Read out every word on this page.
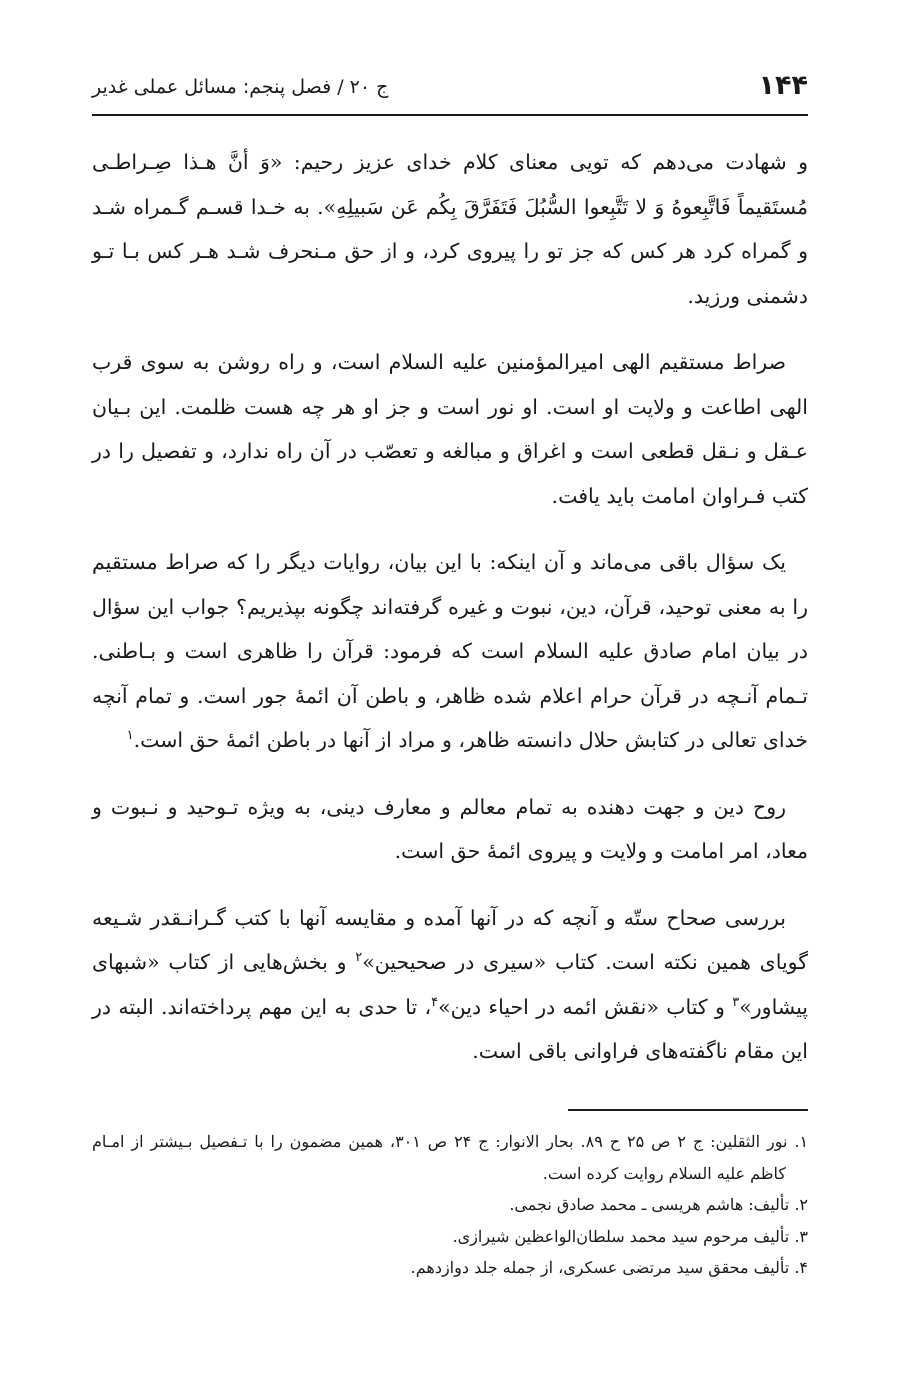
۱۴۴
ج ۲۰ / فصل پنجم: مسائل عملی غدیر

و شهادت می‌دهم که تویی معنای کلام خدای عزیز رحیم: «وَ أنَّ هـذا صِـراطـی مُستَقیماً فَاتَّبِعوهُ وَ لا تَتَّبِعوا السُّبُلَ فَتَفَرَّقَ بِکُم عَن سَبیلِهِ». به خـدا قسـم گـمراه شـد و گمراه کرد هر کس که جز تو را پیروی کرد، و از حق مـنحرف شـد هـر کس بـا تـو دشمنی ورزید.

صراط مستقیم الهی امیرالمؤمنین علیه السلام است، و راه روشن به سوی قرب الهی اطاعت و ولایت او است. او نور است و جز او هر چه هست ظلمت. این بـیان عـقل و نـقل قطعی است و اغراق و مبالغه و تعصّب در آن راه ندارد، و تفصیل را در کتب فـراوان امامت باید یافت.

یک سؤال باقی می‌ماند و آن اینکه: با این بیان، روایات دیگر را که صراط مستقیم را به معنی توحید، قرآن، دین، نبوت و غیره گرفته‌اند چگونه بپذیریم؟ جواب این سؤال در بیان امام صادق علیه السلام است که فرمود: قرآن را ظاهری است و بـاطنی. تـمام آنـچه در قرآن حرام اعلام شده ظاهر، و باطن آن ائمهٔ جور است. و تمام آنچه خدای تعالی در کتابش حلال دانسته ظاهر، و مراد از آنها در باطن ائمهٔ حق است.$^۱$

روح دین و جهت دهنده به تمام معالم و معارف دینی، به ویژه تـوحید و نـبوت و معاد، امر امامت و ولایت و پیروی ائمهٔ حق است.

بررسی صحاح ستّه و آنچه که در آنها آمده و مقایسه آنها با کتب گـرانـقدر شـیعه گویای همین نکته است. کتاب «سیری در صحیحین»$^۲$ و بخش‌هایی از کتاب «شبهای پیشاور»$^۳$ و کتاب «نقش ائمه در احیاء دین»$^۴$، تا حدی به این مهم پرداخته‌اند. البته در این مقام ناگفته‌های فراوانی باقی است.

۱. نور الثقلین: ج ۲ ص ۲۵ ح ۸۹. بحار الانوار: ج ۲۴ ص ۳۰۱، همین مضمون را با تـفصیل بـیشتر از امـام کاظم علیه السلام روایت کرده است.

۲. تألیف: هاشم هریسی ـ محمد صادق نجمی.

۳. تألیف مرحوم سید محمد سلطان‌الواعظین شیرازی.

۴. تألیف محقق سید مرتضی عسکری، از جمله جلد دوازدهم.
